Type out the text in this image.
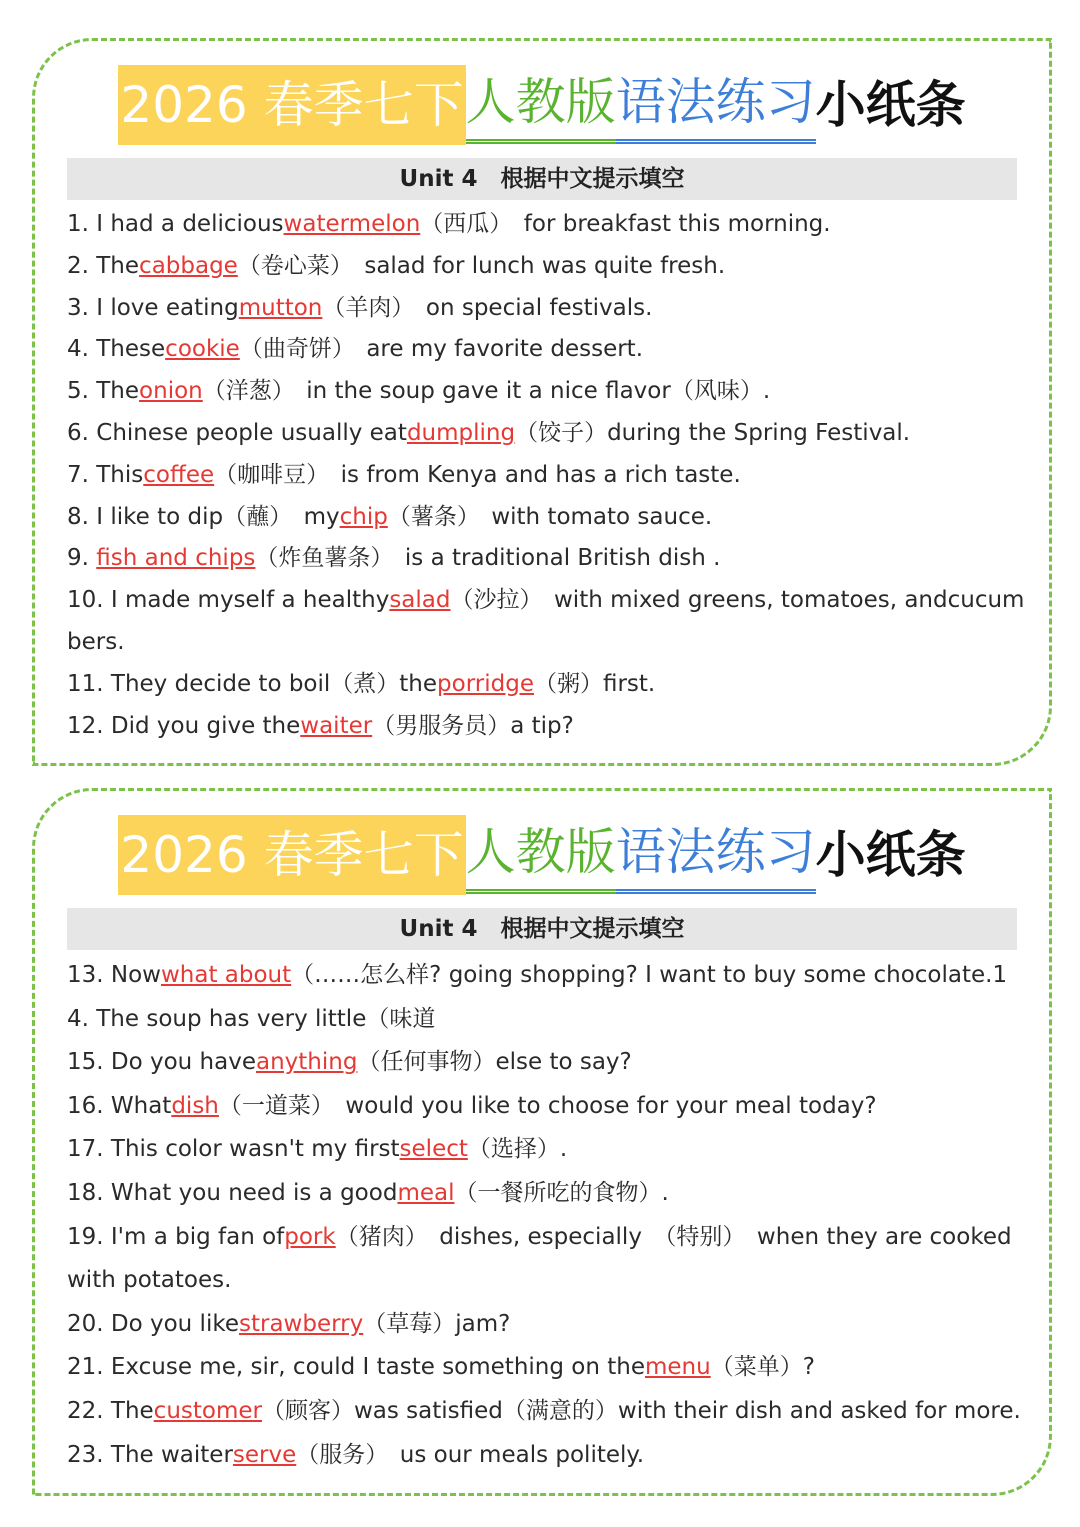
2026 春季七下人教版语法练习小纸条
Unit 4　根据中文提示填空
1. I had a deliciouswatermelon（西瓜）　for breakfast this morning.
2. Thecabbage（卷心菜）　salad for lunch was quite fresh.
3. I love eatingmutton（羊肉）　on special festivals.
4. Thesecookie（曲奇饼）　are my favorite dessert.
5. Theonion（洋葱）　in the soup gave it a nice flavor（风味）.
6. Chinese people usually eatdumpling（饺子）during the Spring Festival.
7. Thiscoffee（咖啡豆）　is from Kenya and has a rich taste.
8. I like to dip（蘸）　mychip（薯条）　with tomato sauce.
9. fish and chips（炸鱼薯条）　is a traditional British dish .
10. I made myself a healthysalad（沙拉）　with mixed greens, tomatoes, andcucumbers.
11. They decide to boil（煮）theporridge（粥）first.
12. Did you give thewaiter（男服务员）a tip?
2026 春季七下人教版语法练习小纸条
Unit 4　根据中文提示填空
13. Nowwhat about（……怎么样? going shopping? I want to buy some chocolate.14. The soup has very little（味道
15. Do you haveanything（任何事物）else to say?
16. Whatdish（一道菜）　would you like to choose for your meal today?
17. This color wasn't my firstselect（选择）.
18. What you need is a goodmeal（一餐所吃的食物）.
19. I'm a big fan ofpork（猪肉）　dishes, especially　（特别）　when they are cooked with potatoes.
20. Do you likestrawberry（草莓）jam?
21. Excuse me, sir, could I taste something on themenu（菜单）?
22. Thecustomer（顾客）was satisfied（满意的）with their dish and asked for more.23. The waiterserve（服务）　us our meals politely.
